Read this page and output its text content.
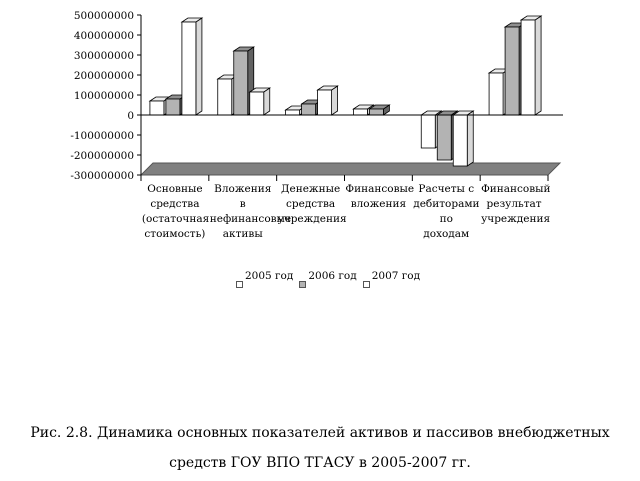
500000000
400000000
300000000
200000000
100000000
0
-100000000
-200000000
-300000000
Основные
средства
(остаточная
стоимость)
Вложения в
нефинансовые
активы
Денежные
средства
учреждения
Финансовые
вложения
Расчеты с
дебиторами по
доходам
Финансовый
результат
учреждения
2005 год 2006 год 2007 год
Рис. 2.8. Динамика основных показателей активов и пассивов внебюджетных
средств ГОУ ВПО ТГАСУ в 2005-2007 гг.
